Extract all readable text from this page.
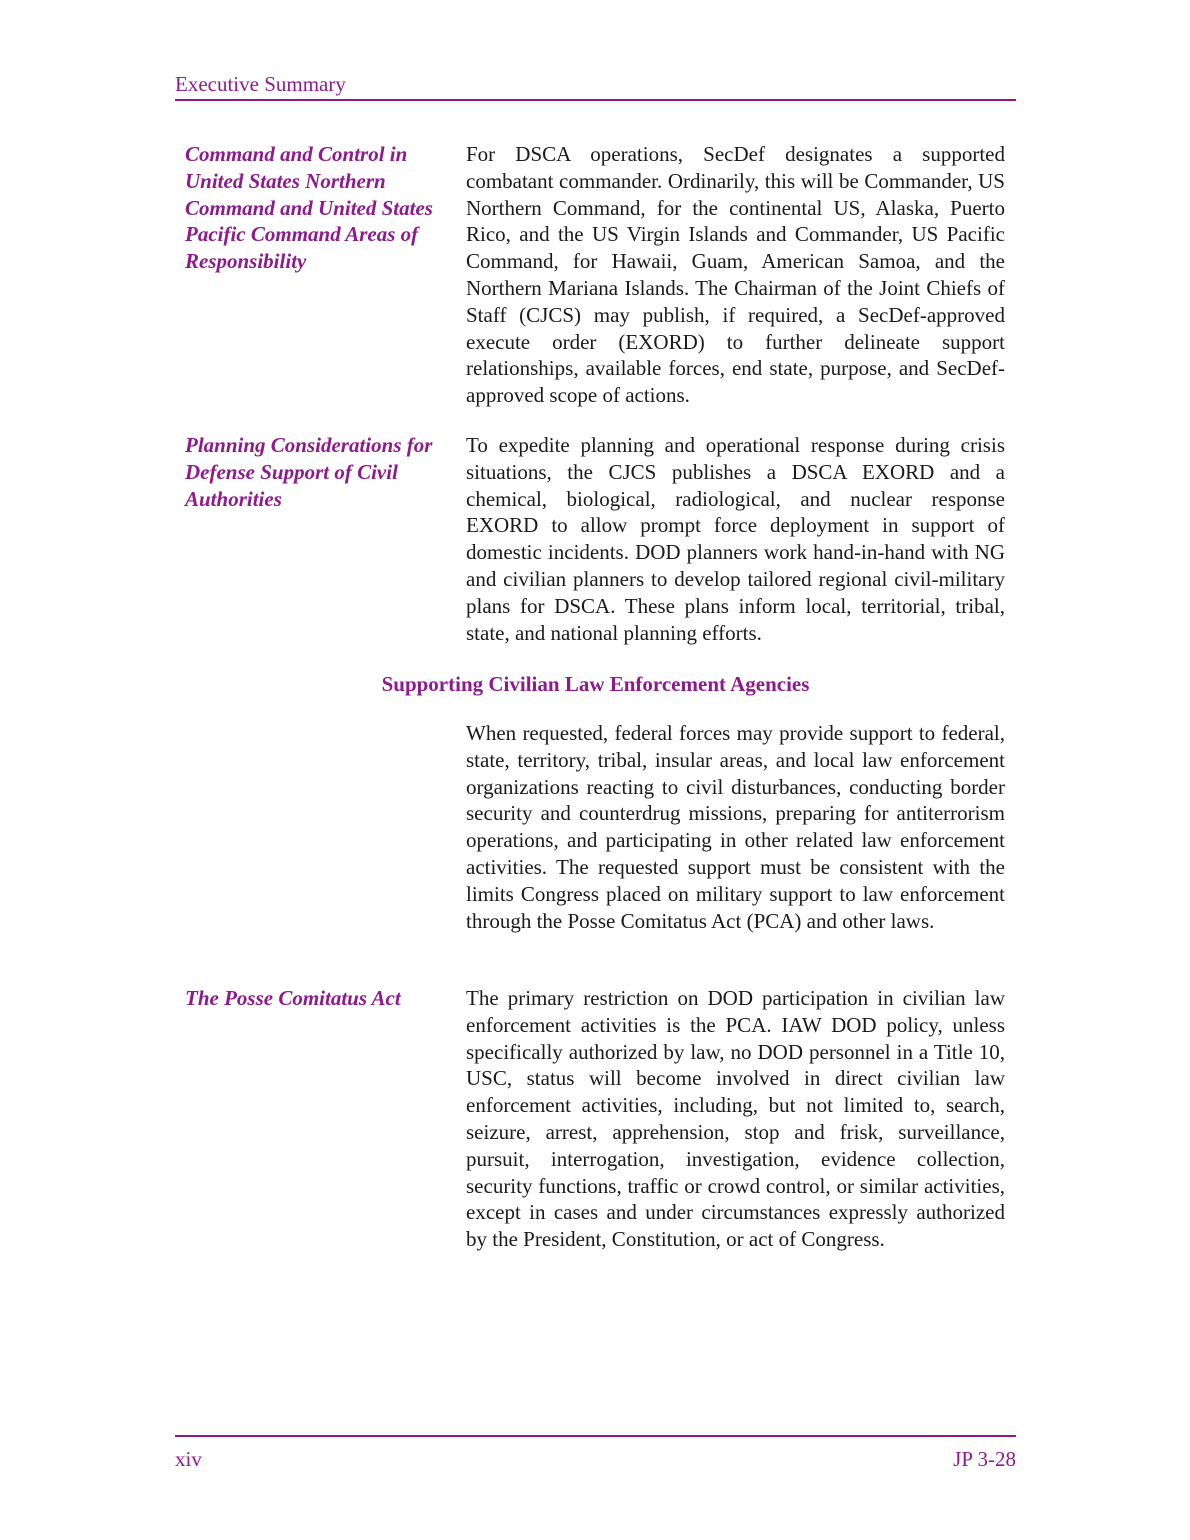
Executive Summary
Command and Control in United States Northern Command and United States Pacific Command Areas of Responsibility
For DSCA operations, SecDef designates a supported combatant commander. Ordinarily, this will be Commander, US Northern Command, for the continental US, Alaska, Puerto Rico, and the US Virgin Islands and Commander, US Pacific Command, for Hawaii, Guam, American Samoa, and the Northern Mariana Islands. The Chairman of the Joint Chiefs of Staff (CJCS) may publish, if required, a SecDef-approved execute order (EXORD) to further delineate support relationships, available forces, end state, purpose, and SecDef-approved scope of actions.
Planning Considerations for Defense Support of Civil Authorities
To expedite planning and operational response during crisis situations, the CJCS publishes a DSCA EXORD and a chemical, biological, radiological, and nuclear response EXORD to allow prompt force deployment in support of domestic incidents. DOD planners work hand-in-hand with NG and civilian planners to develop tailored regional civil-military plans for DSCA. These plans inform local, territorial, tribal, state, and national planning efforts.
Supporting Civilian Law Enforcement Agencies
When requested, federal forces may provide support to federal, state, territory, tribal, insular areas, and local law enforcement organizations reacting to civil disturbances, conducting border security and counterdrug missions, preparing for antiterrorism operations, and participating in other related law enforcement activities. The requested support must be consistent with the limits Congress placed on military support to law enforcement through the Posse Comitatus Act (PCA) and other laws.
The Posse Comitatus Act	The primary restriction on DOD participation in civilian law enforcement activities is the PCA. IAW DOD policy, unless specifically authorized by law, no DOD personnel in a Title 10, USC, status will become involved in direct civilian law enforcement activities, including, but not limited to, search, seizure, arrest, apprehension, stop and frisk, surveillance, pursuit, interrogation, investigation, evidence collection, security functions, traffic or crowd control, or similar activities, except in cases and under circumstances expressly authorized by the President, Constitution, or act of Congress.
xiv	JP 3-28
